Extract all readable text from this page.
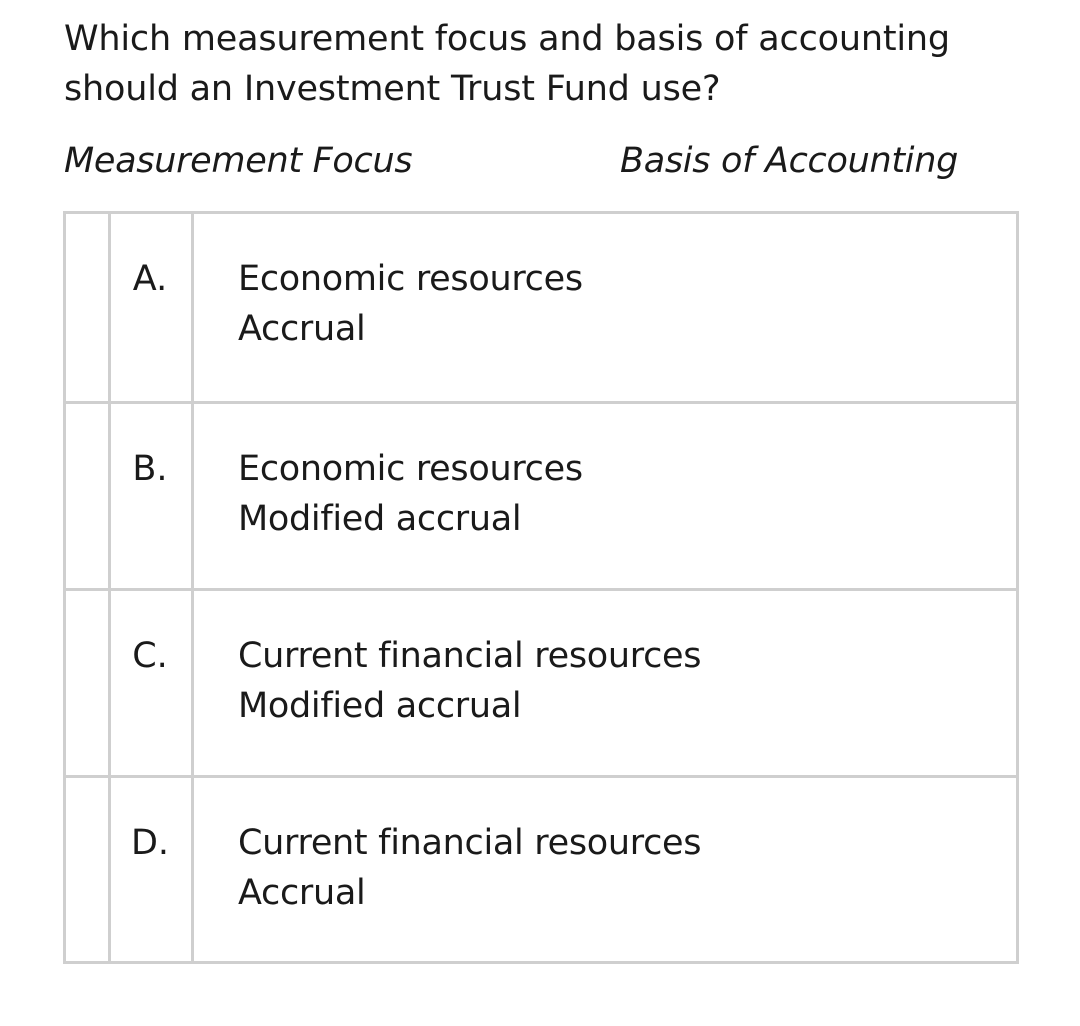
Which measurement focus and basis of accounting
should an Investment Trust Fund use?
Measurement Focus	Basis of Accounting
A.	Economic resources
Accrual
B.	Economic resources
Modified accrual
C.	Current financial resources
Modified accrual
D.	Current financial resources
Accrual
